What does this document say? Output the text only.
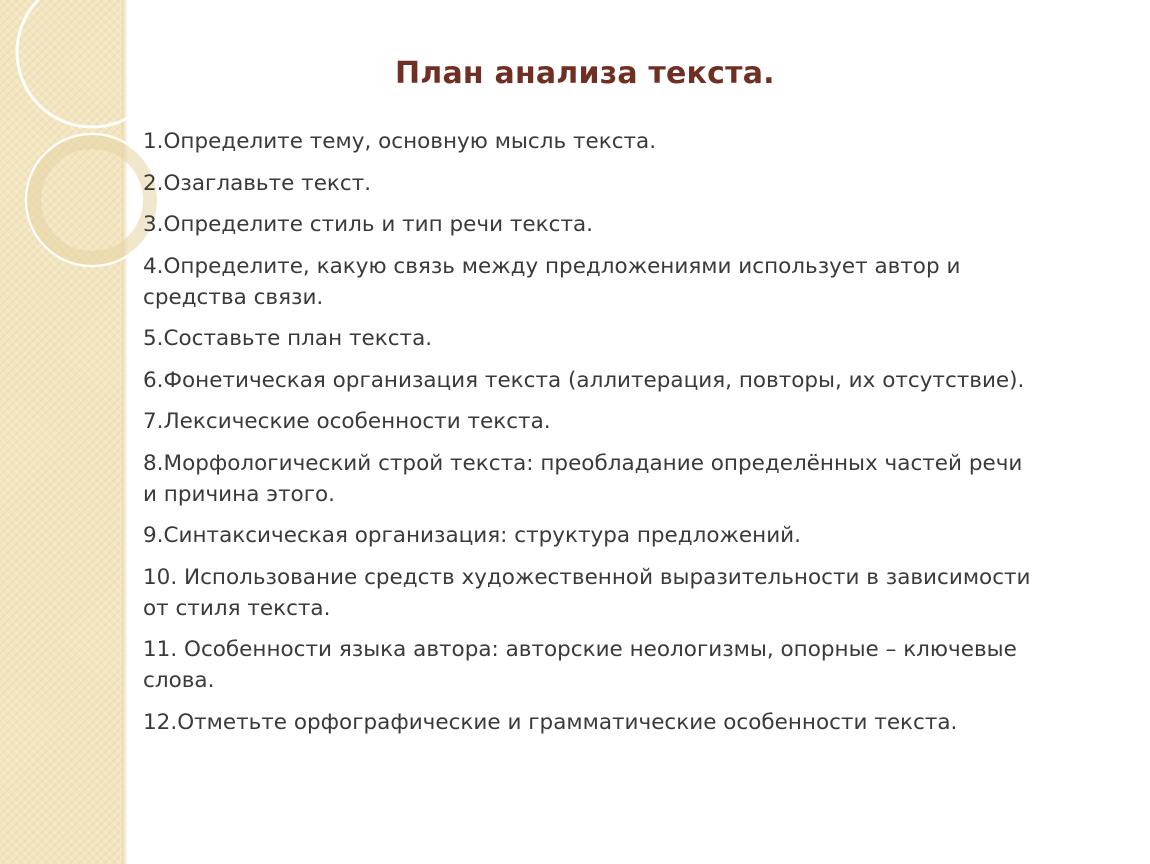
План анализа текста.
1.Определите тему, основную мысль текста.
2.Озаглавьте текст.
3.Определите стиль и тип речи текста.
4.Определите, какую связь между предложениями использует автор и средства связи.
5.Составьте план текста.
6.Фонетическая организация текста (аллитерация, повторы, их отсутствие).
7.Лексические особенности текста.
8.Морфологический строй текста: преобладание определённых частей речи и причина этого.
9.Синтаксическая организация: структура предложений.
10. Использование средств художественной выразительности в зависимости от стиля текста.
11. Особенности языка автора: авторские неологизмы, опорные – ключевые слова.
12.Отметьте орфографические и грамматические особенности текста.
